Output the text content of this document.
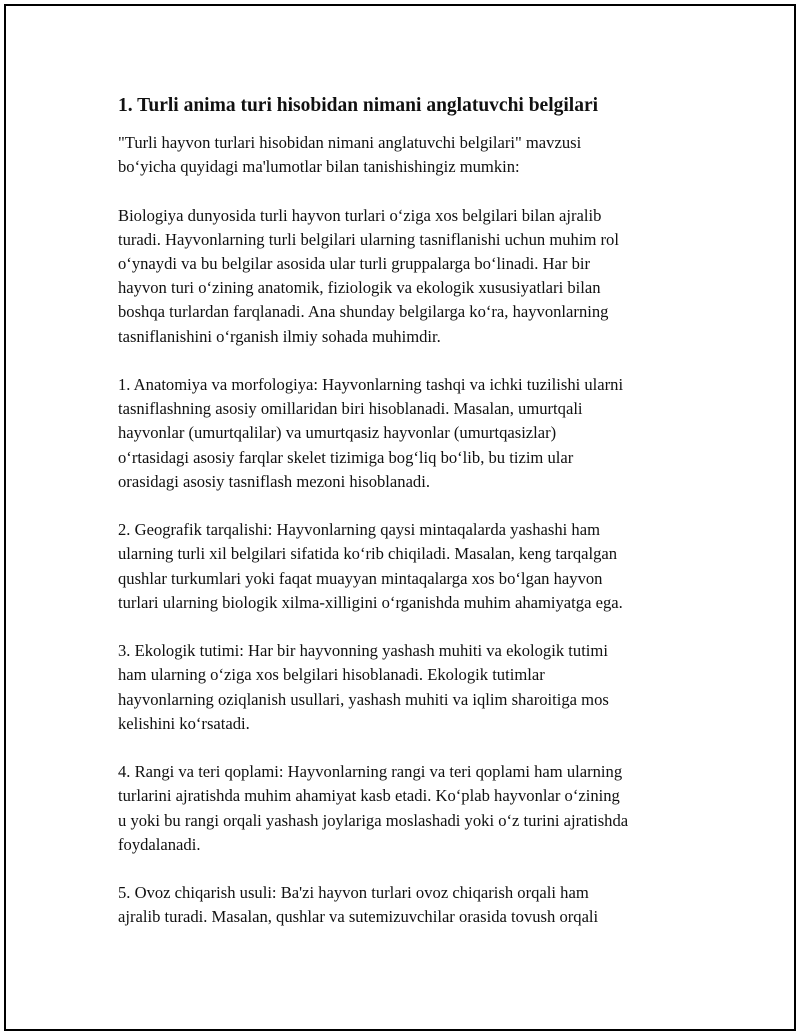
1. Turli anima turi hisobidan nimani anglatuvchi belgilari

"Turli hayvon turlari hisobidan nimani anglatuvchi belgilari" mavzusi
bo‘yicha quyidagi ma'lumotlar bilan tanishishingiz mumkin:

Biologiya dunyosida turli hayvon turlari o‘ziga xos belgilari bilan ajralib
turadi. Hayvonlarning turli belgilari ularning tasniflanishi uchun muhim rol
o‘ynaydi va bu belgilar asosida ular turli gruppalarga bo‘linadi. Har bir
hayvon turi o‘zining anatomik, fiziologik va ekologik xususiyatlari bilan
boshqa turlardan farqlanadi. Ana shunday belgilarga ko‘ra, hayvonlarning
tasniflanishini o‘rganish ilmiy sohada muhimdir.

1. Anatomiya va morfologiya: Hayvonlarning tashqi va ichki tuzilishi ularni
tasniflashning asosiy omillaridan biri hisoblanadi. Masalan, umurtqali
hayvonlar (umurtqalilar) va umurtqasiz hayvonlar (umurtqasizlar)
o‘rtasidagi asosiy farqlar skelet tizimiga bog‘liq bo‘lib, bu tizim ular
orasidagi asosiy tasniflash mezoni hisoblanadi.

2. Geografik tarqalishi: Hayvonlarning qaysi mintaqalarda yashashi ham
ularning turli xil belgilari sifatida ko‘rib chiqiladi. Masalan, keng tarqalgan
qushlar turkumlari yoki faqat muayyan mintaqalarga xos bo‘lgan hayvon
turlari ularning biologik xilma-xilligini o‘rganishda muhim ahamiyatga ega.

3. Ekologik tutimi: Har bir hayvonning yashash muhiti va ekologik tutimi
ham ularning o‘ziga xos belgilari hisoblanadi. Ekologik tutimlar
hayvonlarning oziqlanish usullari, yashash muhiti va iqlim sharoitiga mos
kelishini ko‘rsatadi.

4. Rangi va teri qoplami: Hayvonlarning rangi va teri qoplami ham ularning
turlarini ajratishda muhim ahamiyat kasb etadi. Ko‘plab hayvonlar o‘zining
u yoki bu rangi orqali yashash joylariga moslashadi yoki o‘z turini ajratishda
foydalanadi.

5. Ovoz chiqarish usuli: Ba'zi hayvon turlari ovoz chiqarish orqali ham
ajralib turadi. Masalan, qushlar va sutemizuvchilar orasida tovush orqali
